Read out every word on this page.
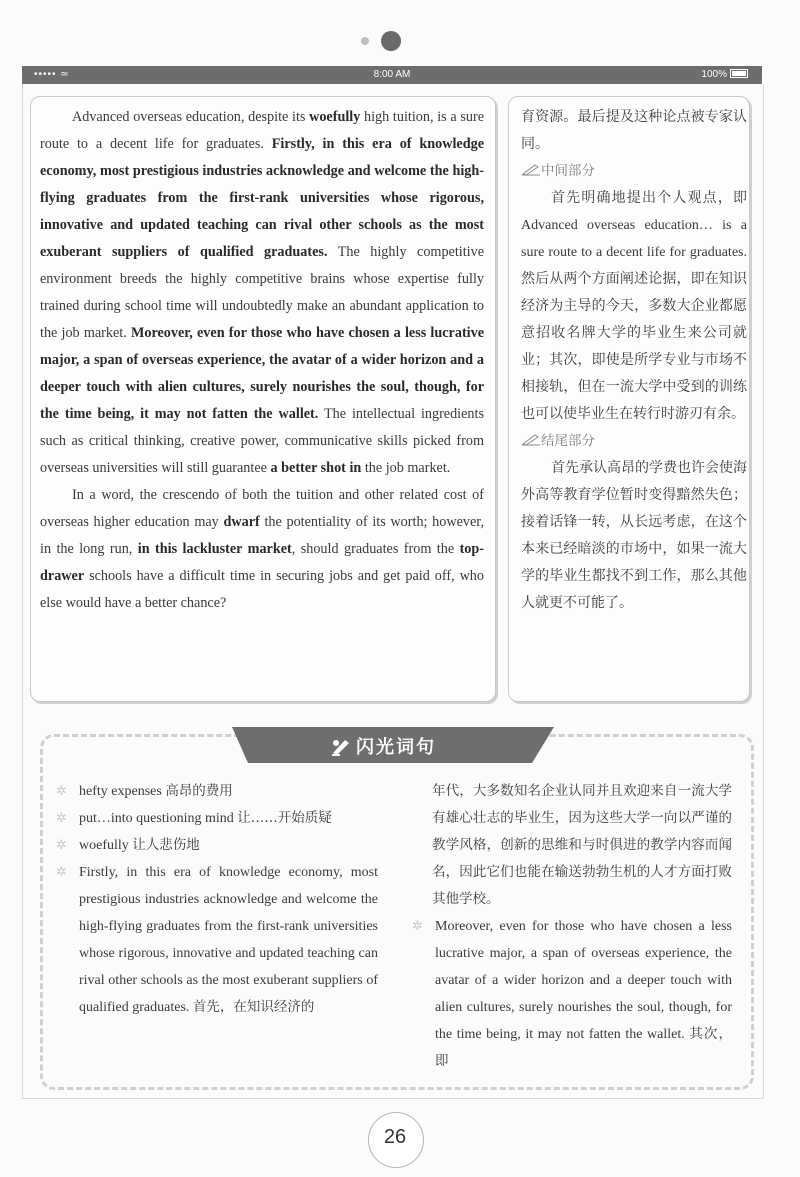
••••• ≃	8:00 AM	100%

Advanced overseas education, despite its woefully high tuition, is a sure route to a decent life for graduates. Firstly, in this era of knowledge economy, most prestigious industries acknowledge and welcome the high-flying graduates from the first-rank universities whose rigorous, innovative and updated teaching can rival other schools as the most exuberant suppliers of qualified graduates. The highly competitive environment breeds the highly competitive brains whose expertise fully trained during school time will undoubtedly make an abundant application to the job market. Moreover, even for those who have chosen a less lucrative major, a span of overseas experience, the avatar of a wider horizon and a deeper touch with alien cultures, surely nourishes the soul, though, for the time being, it may not fatten the wallet. The intellectual ingredients such as critical thinking, creative power, communicative skills picked from overseas universities will still guarantee a better shot in the job market.

In a word, the crescendo of both the tuition and other related cost of overseas higher education may dwarf the potentiality of its worth; however, in the long run, in this lackluster market, should graduates from the top-drawer schools have a difficult time in securing jobs and get paid off, who else would have a better chance?

育资源。最后提及这种论点被专家认同。

中间部分

首先明确地提出个人观点，即Advanced overseas education… is a sure route to a decent life for graduates.然后从两个方面阐述论据，即在知识经济为主导的今天，多数大企业都愿意招收名牌大学的毕业生来公司就业；其次，即使是所学专业与市场不相接轨，但在一流大学中受到的训练也可以使毕业生在转行时游刃有余。

结尾部分

首先承认高昂的学费也许会使海外高等教育学位暂时变得黯然失色；接着话锋一转，从长远考虑，在这个本来已经暗淡的市场中，如果一流大学的毕业生都找不到工作，那么其他人就更不可能了。

闪光词句

✲ hefty expenses 高昂的费用

✲ put…into questioning mind 让……开始质疑

✲ woefully 让人悲伤地

✲ Firstly, in this era of knowledge economy, most prestigious industries acknowledge and welcome the high-flying graduates from the first-rank universities whose rigorous, innovative and updated teaching can rival other schools as the most exuberant suppliers of qualified graduates. 首先，在知识经济的

年代，大多数知名企业认同并且欢迎来自一流大学有雄心壮志的毕业生，因为这些大学一向以严谨的教学风格，创新的思维和与时俱进的教学内容而闻名，因此它们也能在输送勃勃生机的人才方面打败其他学校。

✲ Moreover, even for those who have chosen a less lucrative major, a span of overseas experience, the avatar of a wider horizon and a deeper touch with alien cultures, surely nourishes the soul, though, for the time being, it may not fatten the wallet. 其次，即

26
